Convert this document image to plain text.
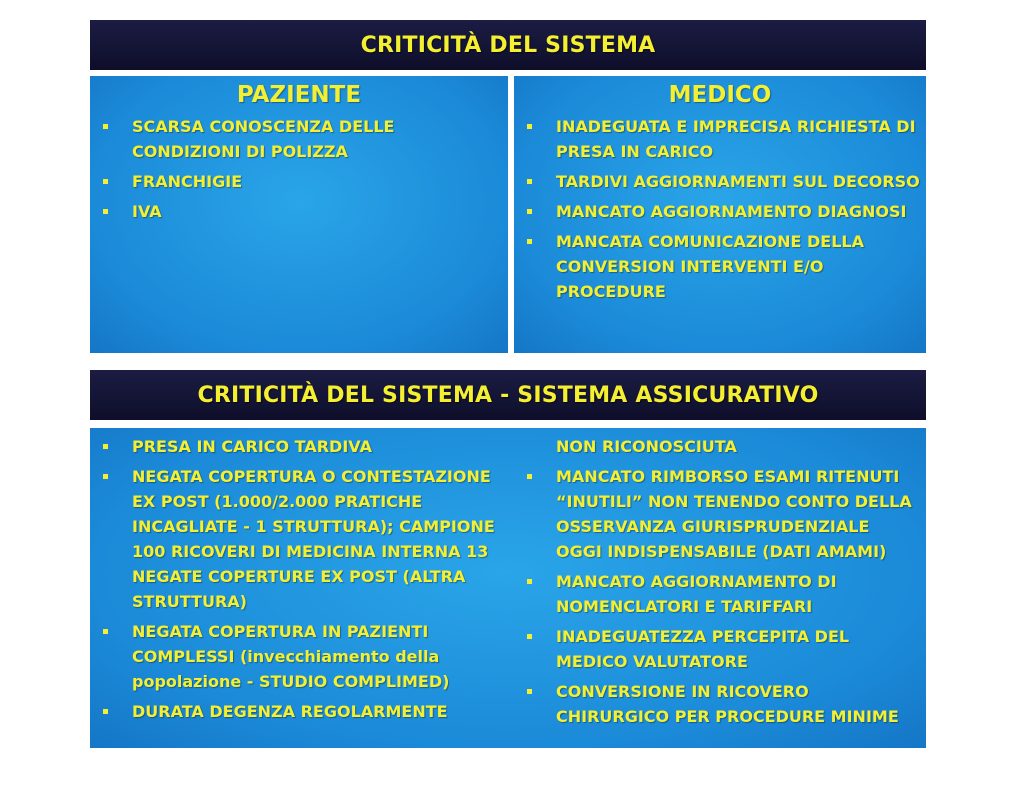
CRITICITÀ DEL SISTEMA
PAZIENTE
SCARSA CONOSCENZA DELLE CONDIZIONI DI POLIZZA
FRANCHIGIE
IVA
MEDICO
INADEGUATA E IMPRECISA RICHIESTA DI PRESA IN CARICO
TARDIVI AGGIORNAMENTI SUL DECORSO
MANCATO AGGIORNAMENTO DIAGNOSI
MANCATA COMUNICAZIONE DELLA CONVERSION INTERVENTI E/O PROCEDURE
CRITICITÀ DEL SISTEMA - SISTEMA ASSICURATIVO
PRESA IN CARICO TARDIVA
NEGATA COPERTURA O CONTESTAZIONE EX POST (1.000/2.000 PRATICHE INCAGLIATE - 1 STRUTTURA); CAMPIONE 100 RICOVERI DI MEDICINA INTERNA 13 NEGATE COPERTURE EX POST (ALTRA STRUTTURA)
NEGATA COPERTURA IN PAZIENTI COMPLESSI (invecchiamento della popolazione - STUDIO COMPLIMED)
DURATA DEGENZA REGOLARMENTE
NON RICONOSCIUTA
MANCATO RIMBORSO ESAMI RITENUTI “INUTILI” NON TENENDO CONTO DELLA OSSERVANZA GIURISPRUDENZIALE OGGI INDISPENSABILE (DATI AMAMI)
MANCATO AGGIORNAMENTO DI NOMENCLATORI E TARIFFARI
INADEGUATEZZA PERCEPITA DEL MEDICO VALUTATORE
CONVERSIONE IN RICOVERO CHIRURGICO PER PROCEDURE MINIME
